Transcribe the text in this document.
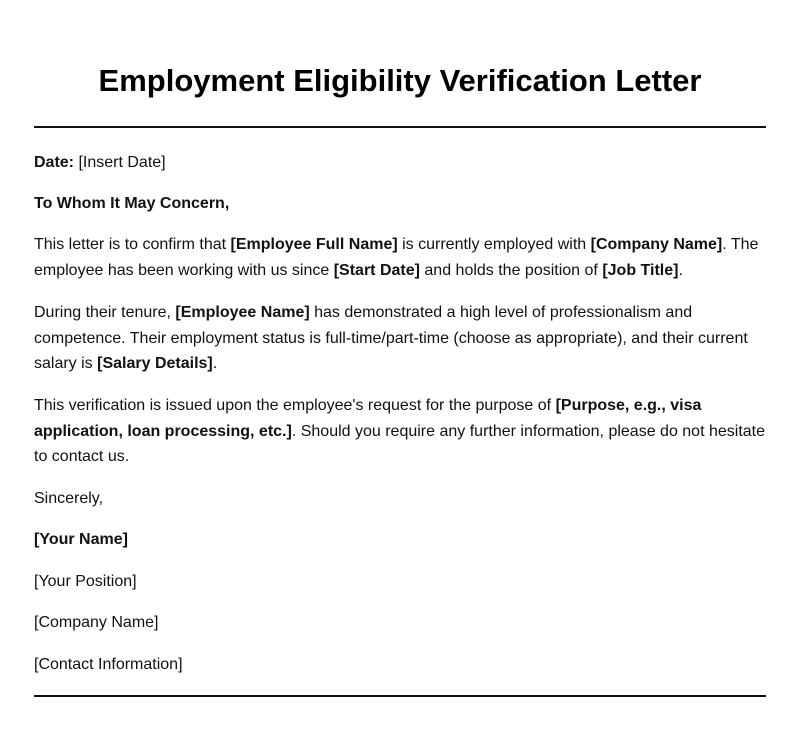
Employment Eligibility Verification Letter

Date: [Insert Date]

To Whom It May Concern,

This letter is to confirm that [Employee Full Name] is currently employed with [Company Name]. The employee has been working with us since [Start Date] and holds the position of [Job Title].

During their tenure, [Employee Name] has demonstrated a high level of professionalism and competence. Their employment status is full-time/part-time (choose as appropriate), and their current salary is [Salary Details].

This verification is issued upon the employee's request for the purpose of [Purpose, e.g., visa application, loan processing, etc.]. Should you require any further information, please do not hesitate to contact us.

Sincerely,

[Your Name]

[Your Position]

[Company Name]

[Contact Information]
